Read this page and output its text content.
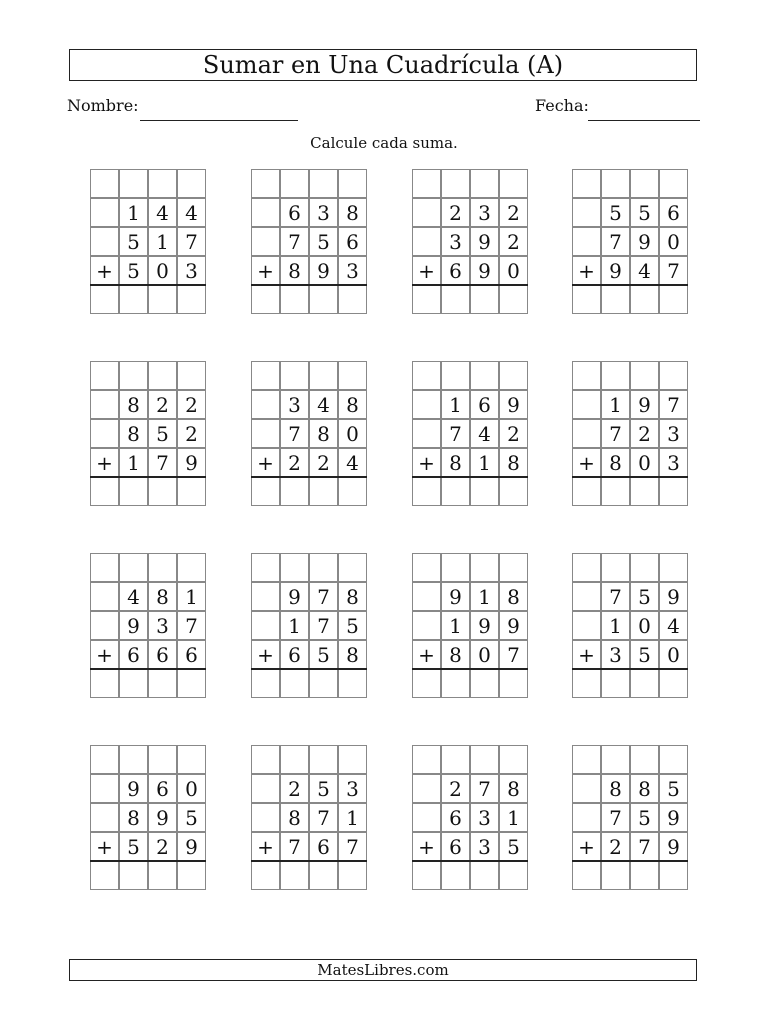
Sumar en Una Cuadrícula (A)
Nombre:	Fecha:
Calcule cada suma.
1 4 4
5 1 7
+ 5 0 3
6 3 8
7 5 6
+ 8 9 3
2 3 2
3 9 2
+ 6 9 0
5 5 6
7 9 0
+ 9 4 7
8 2 2
8 5 2
+ 1 7 9
3 4 8
7 8 0
+ 2 2 4
1 6 9
7 4 2
+ 8 1 8
1 9 7
7 2 3
+ 8 0 3
4 8 1
9 3 7
+ 6 6 6
9 7 8
1 7 5
+ 6 5 8
9 1 8
1 9 9
+ 8 0 7
7 5 9
1 0 4
+ 3 5 0
9 6 0
8 9 5
+ 5 2 9
2 5 3
8 7 1
+ 7 6 7
2 7 8
6 3 1
+ 6 3 5
8 8 5
7 5 9
+ 2 7 9
MatesLibres.com
